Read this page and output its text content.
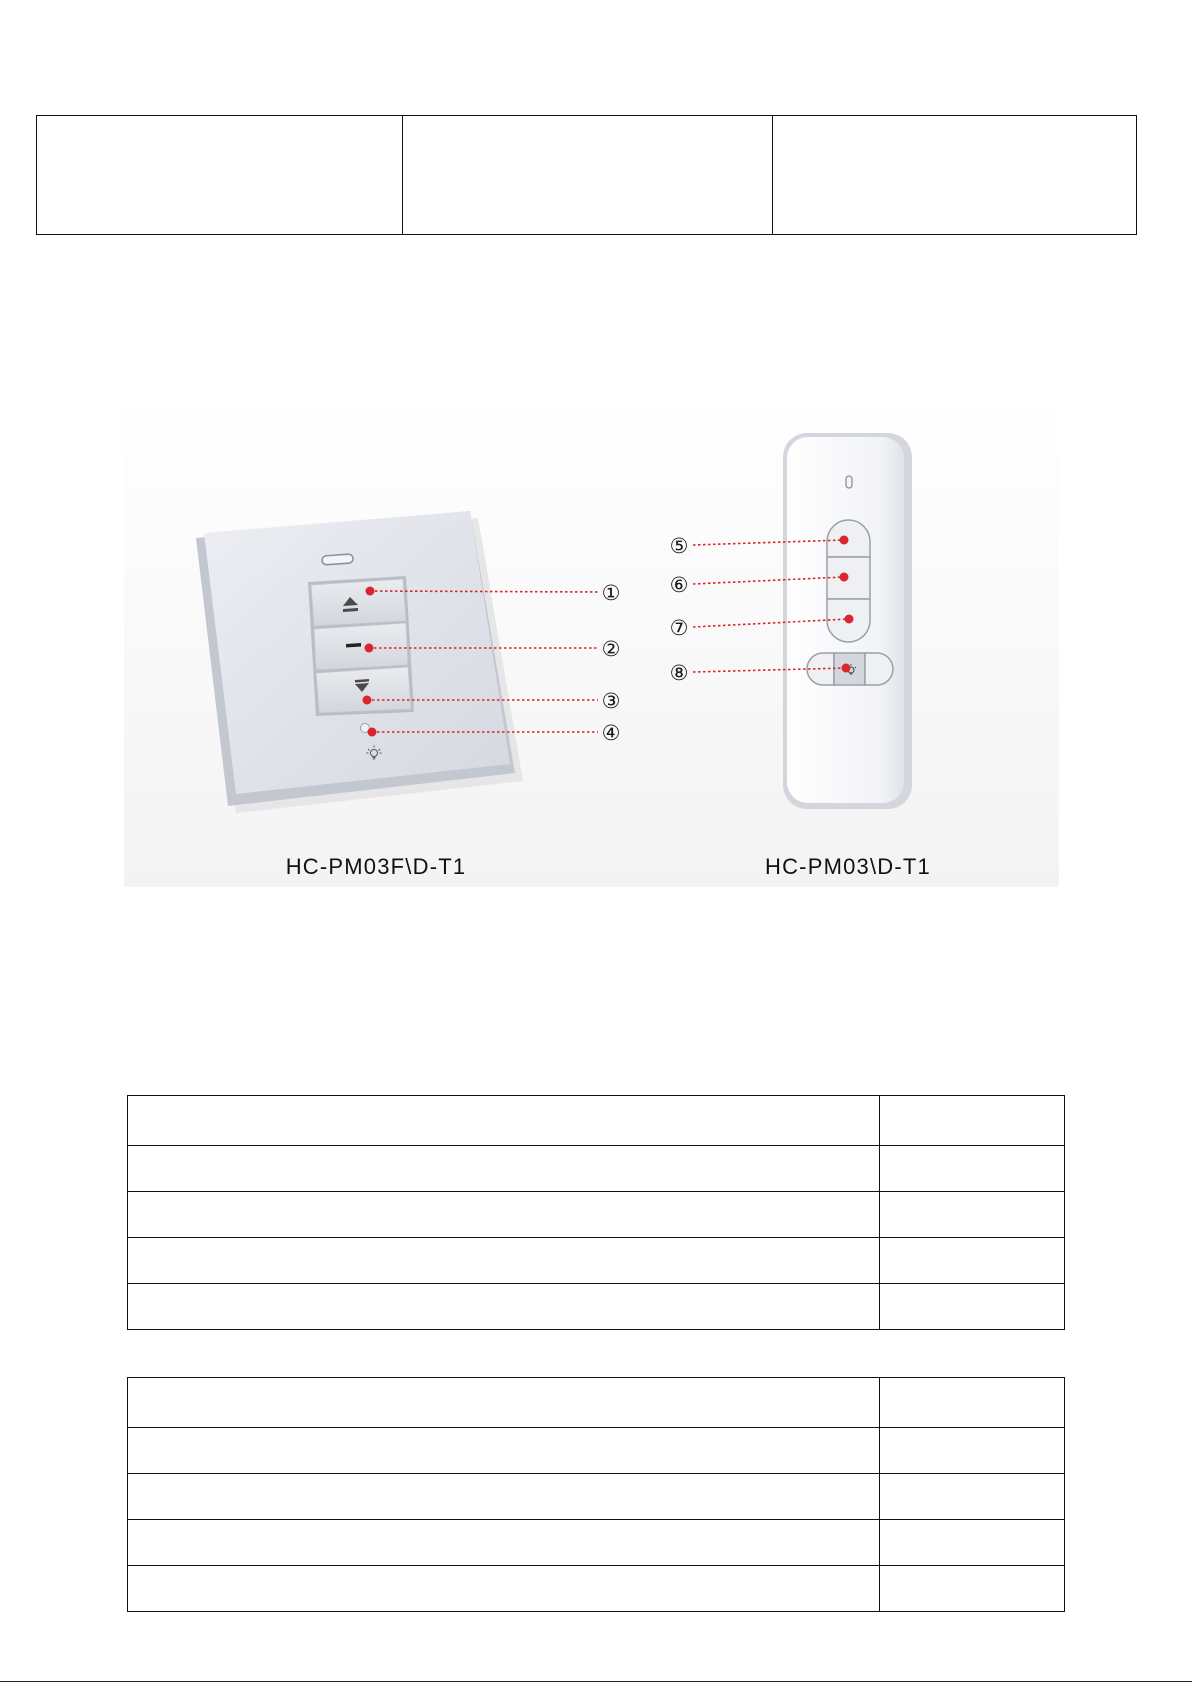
①
②
③
④
⑤
⑥
⑦
⑧
HC-PM03F\D-T1	HC-PM03\D-T1
